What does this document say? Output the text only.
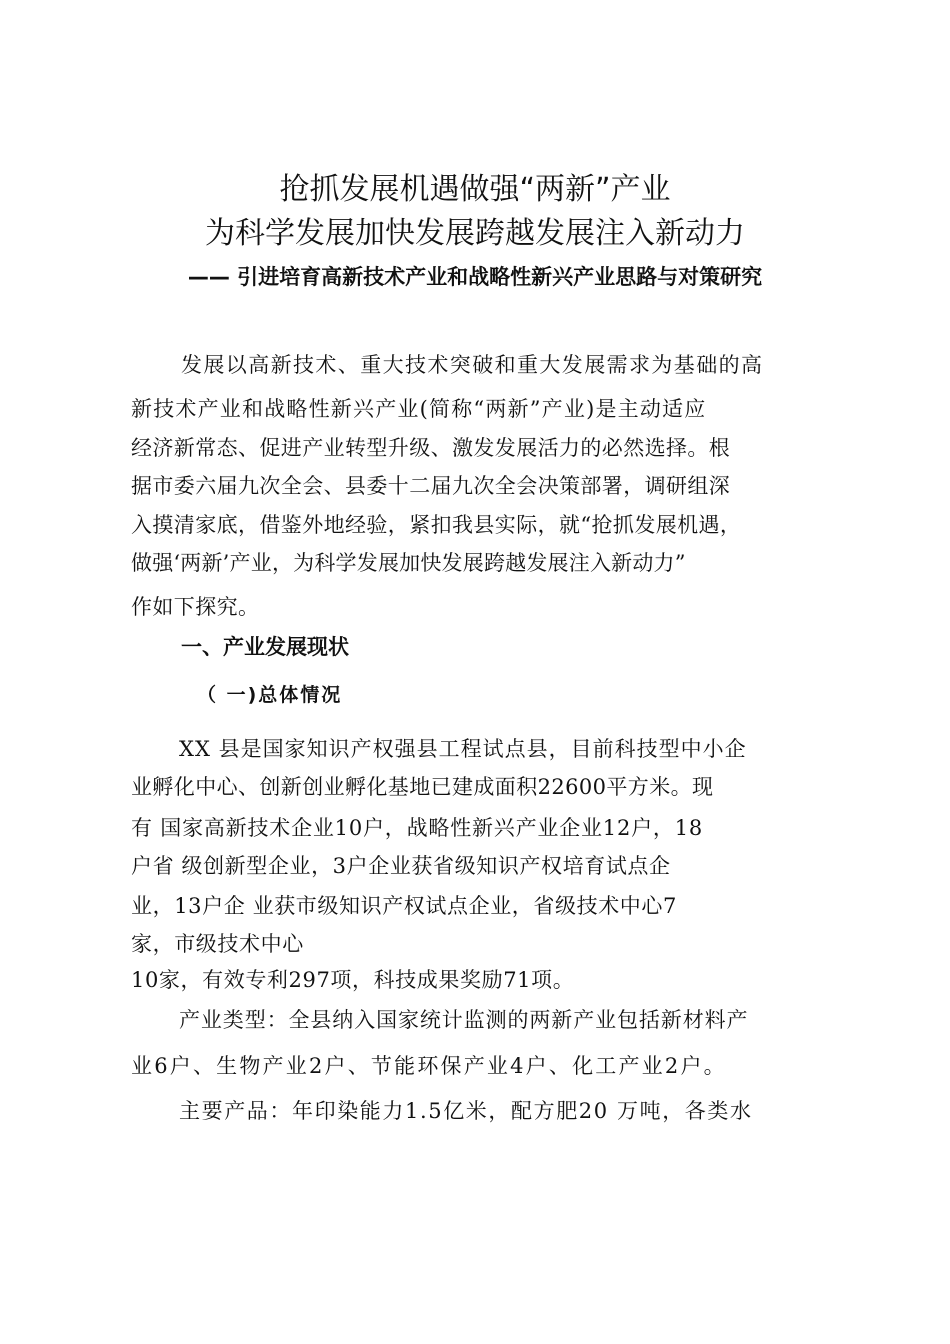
抢抓发展机遇做强“两新”产业
为科学发展加快发展跨越发展注入新动力
—— 引进培育高新技术产业和战略性新兴产业思路与对策研究
发展以高新技术、重大技术突破和重大发展需求为基础的高
新技术产业和战略性新兴产业(简称“两新”产业)是主动适应
经济新常态、促进产业转型升级、激发发展活力的必然选择。根
据市委六届九次全会、县委十二届九次全会决策部署，调研组深
入摸清家底，借鉴外地经验，紧扣我县实际，就“抢抓发展机遇，
做强‘两新’产业，为科学发展加快发展跨越发展注入新动力”
作如下探究。
一、产业发展现状
（ 一)总体情况
XX 县是国家知识产权强县工程试点县，目前科技型中小企
业孵化中心、创新创业孵化基地已建成面积22600平方米。现
有 国家高新技术企业10户，战略性新兴产业企业12户，18
户省 级创新型企业，3户企业获省级知识产权培育试点企
业，13户企 业获市级知识产权试点企业，省级技术中心7
家，市级技术中心
10家，有效专利297项，科技成果奖励71项。
产业类型：全县纳入国家统计监测的两新产业包括新材料产
业6户、生物产业2户、节能环保产业4户、化工产业2户。
主要产品：年印染能力1.5亿米，配方肥20 万吨，各类水
